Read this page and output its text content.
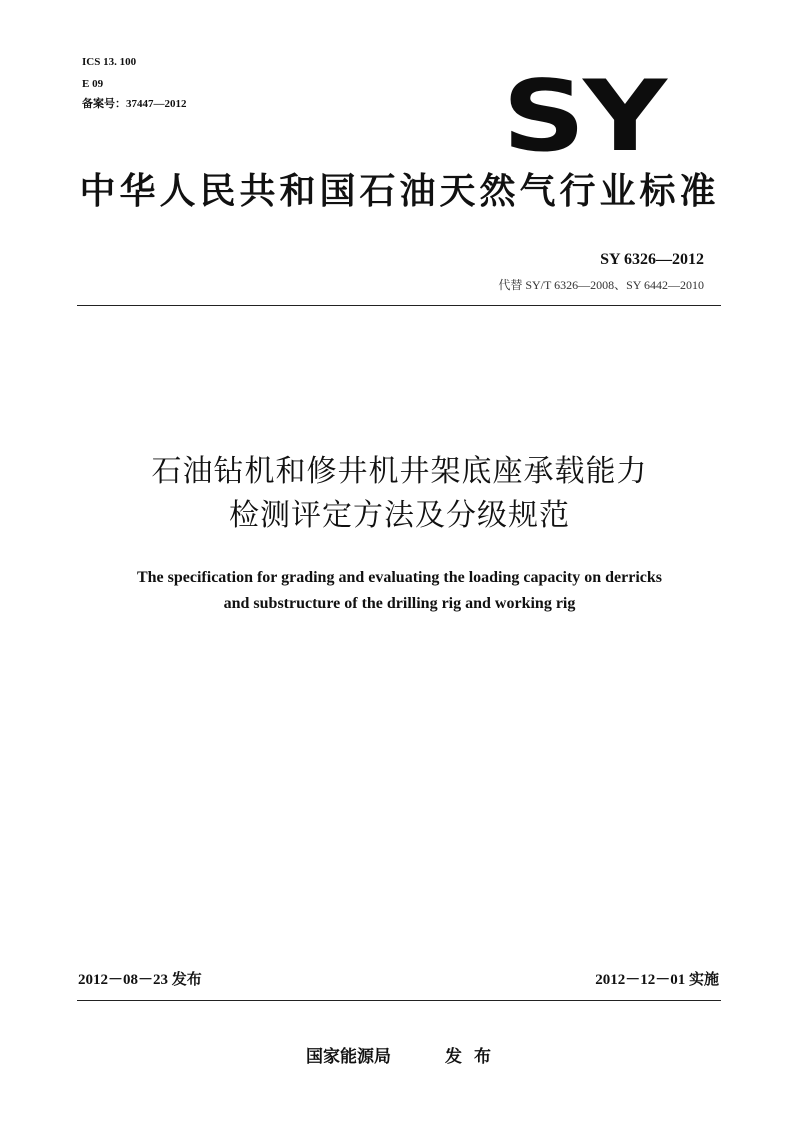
ICS 13. 100
E 09
备案号：37447—2012	SY
中华人民共和国石油天然气行业标准
SY 6326—2012
代替 SY/T 6326—2008、SY 6442—2010
石油钻机和修井机井架底座承载能力
检测评定方法及分级规范
The specification for grading and evaluating the loading capacity on derricks
and substructure of the drilling rig and working rig
2012－08－23 发布	2012－12－01 实施
国家能源局	发布
